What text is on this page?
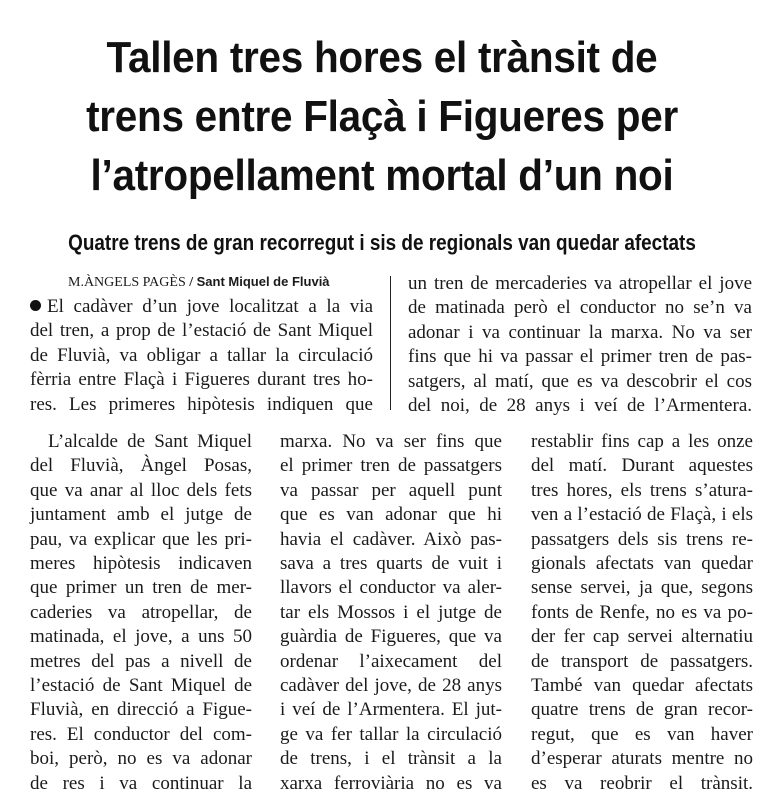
Tallen tres hores el trànsit de
trens entre Flaçà i Figueres per
l’atropellament mortal d’un noi
Quatre trens de gran recorregut i sis de regionals van quedar afectats
M.ÀNGELS PAGÈS / Sant Miquel de Fluvià
El cadàver d’un jove localitzat a la via
del tren, a prop de l’estació de Sant Miquel
de Fluvià, va obligar a tallar la circulació
fèrria entre Flaçà i Figueres durant tres ho-
res. Les primeres hipòtesis indiquen que
un tren de mercaderies va atropellar el jove
de matinada però el conductor no se’n va
adonar i va continuar la marxa. No va ser
fins que hi va passar el primer tren de pas-
satgers, al matí, que es va descobrir el cos
del noi, de 28 anys i veí de l’Armentera.
L’alcalde de Sant Miquel
del Fluvià, Àngel Posas,
que va anar al lloc dels fets
juntament amb el jutge de
pau, va explicar que les pri-
meres hipòtesis indicaven
que primer un tren de mer-
caderies va atropellar, de
matinada, el jove, a uns 50
metres del pas a nivell de
l’estació de Sant Miquel de
Fluvià, en direcció a Figue-
res. El conductor del com-
boi, però, no es va adonar
de res i va continuar la
marxa. No va ser fins que
el primer tren de passatgers
va passar per aquell punt
que es van adonar que hi
havia el cadàver. Això pas-
sava a tres quarts de vuit i
llavors el conductor va aler-
tar els Mossos i el jutge de
guàrdia de Figueres, que va
ordenar l’aixecament del
cadàver del jove, de 28 anys
i veí de l’Armentera. El jut-
ge va fer tallar la circulació
de trens, i el trànsit a la
xarxa ferroviària no es va
restablir fins cap a les onze
del matí. Durant aquestes
tres hores, els trens s’atura-
ven a l’estació de Flaçà, i els
passatgers dels sis trens re-
gionals afectats van quedar
sense servei, ja que, segons
fonts de Renfe, no es va po-
der fer cap servei alternatiu
de transport de passatgers.
També van quedar afectats
quatre trens de gran recor-
regut, que es van haver
d’esperar aturats mentre no
es va reobrir el trànsit.
